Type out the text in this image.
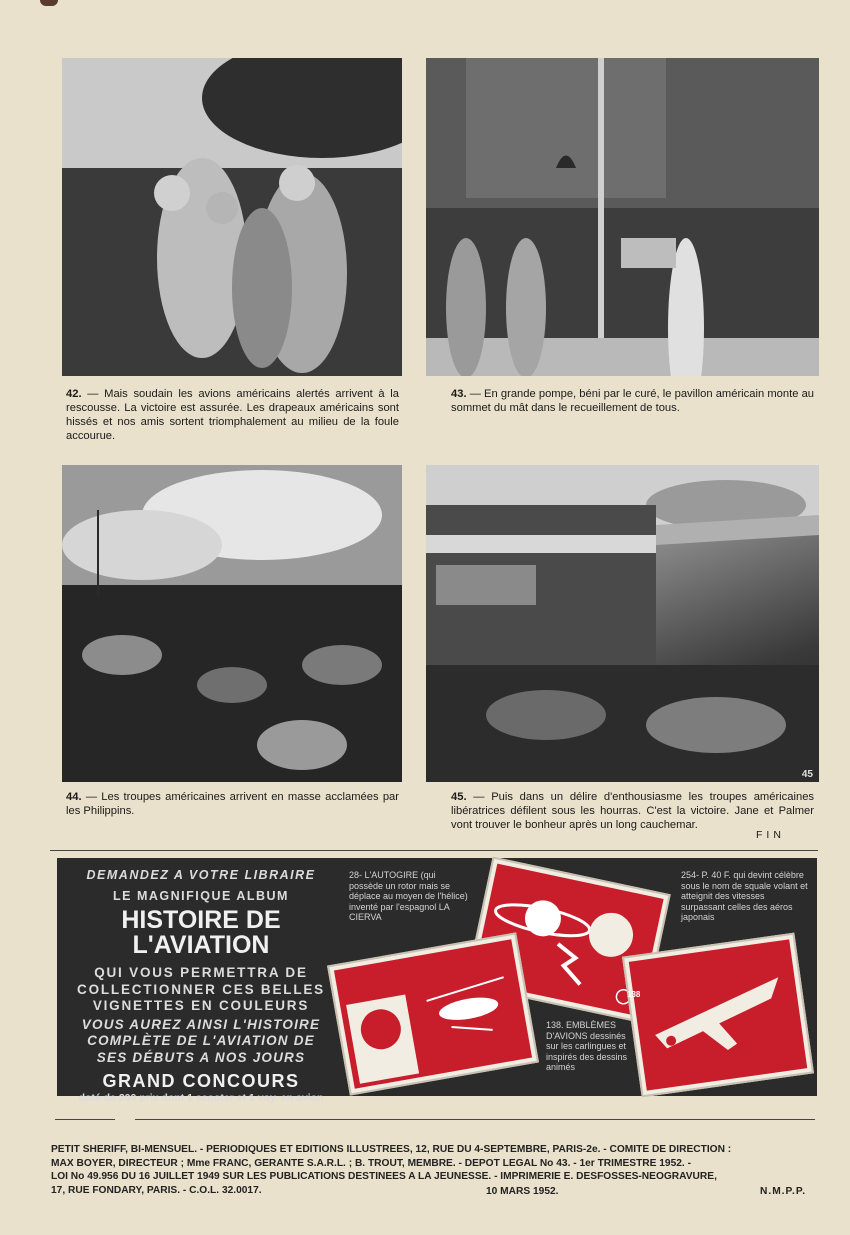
42. — Mais soudain les avions américains alertés arrivent à la rescousse. La victoire est assurée. Les drapeaux américains sont hissés et nos amis sortent triomphalement au milieu de la foule accourue.
43. — En grande pompe, béni par le curé, le pavillon américain monte au sommet du mât dans le recueillement de tous.
45
44. — Les troupes américaines arrivent en masse acclamées par les Philippins.
45. — Puis dans un délire d'enthousiasme les troupes américaines libératrices défilent sous les hourras. C'est la victoire. Jane et Palmer vont trouver le bonheur après un long cauchemar.
FIN
DEMANDEZ A VOTRE LIBRAIRE
LE MAGNIFIQUE ALBUM
HISTOIRE DE L'AVIATION
QUI VOUS PERMETTRA DE
COLLECTIONNER CES BELLES
VIGNETTES EN COULEURS
VOUS AUREZ AINSI L'HISTOIRE
COMPLÈTE DE L'AVIATION DE
SES DÉBUTS A NOS JOURS
GRAND CONCOURS
doté de 200 prix dont 1 scooter et 1 voy. en avion
28- L'AUTOGIRE (qui possède un rotor mais se déplace au moyen de l'hélice) inventé par l'espagnol LA CIERVA
254- P. 40 F. qui devint célèbre sous le nom de squale volant et atteignit des vitesses surpassant celles des aéros japonais
138. EMBLÈMES D'AVIONS dessinés sur les carlingues et inspirés des dessins animés
28
138
PETIT SHERIFF, BI-MENSUEL. - PERIODIQUES ET EDITIONS ILLUSTREES, 12, RUE DU 4-SEPTEMBRE, PARIS-2e. - COMITE DE DIRECTION :
MAX BOYER, DIRECTEUR ; Mme FRANC, GERANTE S.A.R.L. ; B. TROUT, MEMBRE. - DEPOT LEGAL No 43. - 1er TRIMESTRE 1952. -
LOI No 49.956 DU 16 JUILLET 1949 SUR LES PUBLICATIONS DESTINEES A LA JEUNESSE. - IMPRIMERIE E. DESFOSSES-NEOGRAVURE,
17, RUE FONDARY, PARIS. - C.O.L. 32.0017.	10 MARS 1952.	N.M.P.P.
